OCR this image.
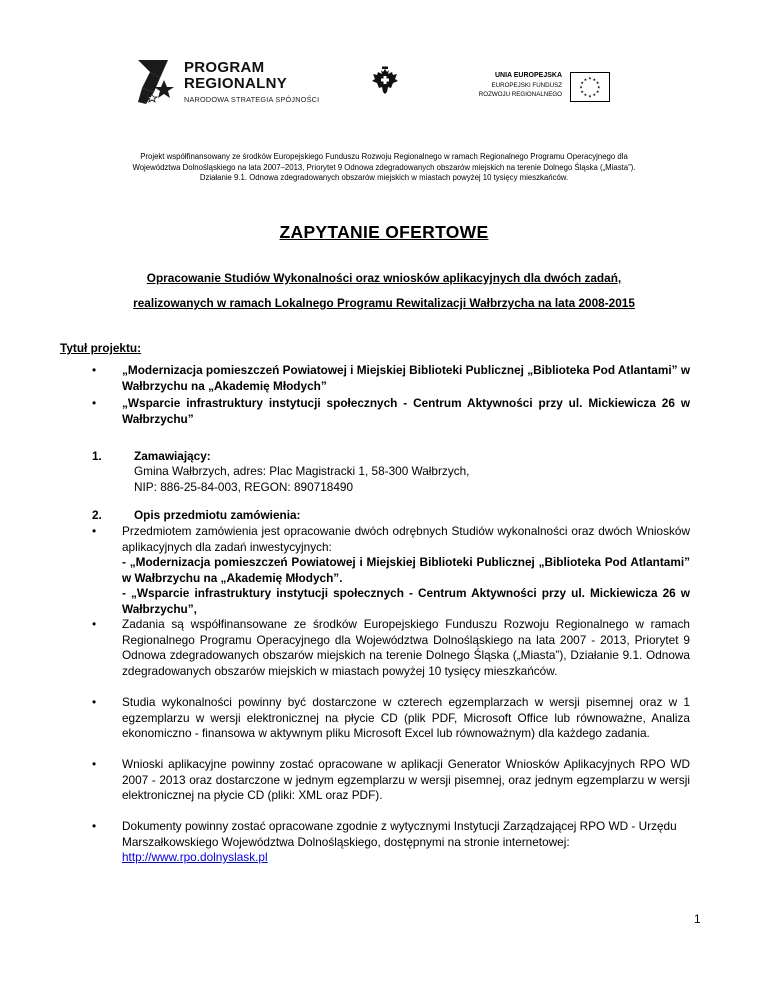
PROGRAM
REGIONALNY
NARODOWA STRATEGIA SPÓJNOŚCI
UNIA EUROPEJSKA
EUROPEJSKI FUNDUSZ
ROZWOJU REGIONALNEGO
★
★
★
★
★
★
★
★
★ ★ ★
★
Projekt współfinansowany ze środków Europejskiego Funduszu Rozwoju Regionalnego w ramach Regionalnego Programu Operacyjnego dla
Województwa Dolnośląskiego na lata 2007–2013, Priorytet 9 Odnowa zdegradowanych obszarów miejskich na terenie Dolnego Śląska („Miasta”).
Działanie 9.1. Odnowa zdegradowanych obszarów miejskich w miastach powyżej 10 tysięcy mieszkańców.
ZAPYTANIE OFERTOWE
Opracowanie Studiów Wykonalności oraz wniosków aplikacyjnych dla dwóch zadań,
realizowanych w ramach Lokalnego Programu Rewitalizacji Wałbrzycha na lata 2008-2015
Tytuł projektu:
• „Modernizacja pomieszczeń Powiatowej i Miejskiej Biblioteki Publicznej „Biblioteka Pod Atlantami” w Wałbrzychu na „Akademię Młodych”
• „Wsparcie infrastruktury instytucji społecznych - Centrum Aktywności przy ul. Mickiewicza 26 w Wałbrzychu”
1.	Zamawiający:
Gmina Wałbrzych, adres: Plac Magistracki 1, 58-300 Wałbrzych,
NIP: 886-25-84-003, REGON: 890718490
2.	Opis przedmiotu zamówienia:
• Przedmiotem zamówienia jest opracowanie dwóch odrębnych Studiów wykonalności oraz dwóch Wniosków aplikacyjnych dla zadań inwestycyjnych:
- „Modernizacja pomieszczeń Powiatowej i Miejskiej Biblioteki Publicznej „Biblioteka Pod Atlantami” w Wałbrzychu na „Akademię Młodych”.
- „Wsparcie infrastruktury instytucji społecznych - Centrum Aktywności przy ul. Mickiewicza 26 w Wałbrzychu”,
• Zadania są współfinansowane ze środków Europejskiego Funduszu Rozwoju Regionalnego w ramach Regionalnego Programu Operacyjnego dla Województwa Dolnośląskiego na lata 2007 - 2013, Priorytet 9 Odnowa zdegradowanych obszarów miejskich na terenie Dolnego Śląska („Miasta”), Działanie 9.1. Odnowa zdegradowanych obszarów miejskich w miastach powyżej 10 tysięcy mieszkańców.
• Studia wykonalności powinny być dostarczone w czterech egzemplarzach w wersji pisemnej oraz w 1 egzemplarzu w wersji elektronicznej na płycie CD (plik PDF, Microsoft Office lub równoważne, Analiza ekonomiczno - finansowa w aktywnym pliku Microsoft Excel lub równoważnym) dla każdego zadania.
• Wnioski aplikacyjne powinny zostać opracowane w aplikacji Generator Wniosków Aplikacyjnych RPO WD 2007 - 2013 oraz dostarczone w jednym egzemplarzu w wersji pisemnej, oraz jednym egzemplarzu w wersji elektronicznej na płycie CD (pliki: XML oraz PDF).
• Dokumenty powinny zostać opracowane zgodnie z wytycznymi Instytucji Zarządzającej RPO WD - Urzędu Marszałkowskiego Województwa Dolnośląskiego, dostępnymi na stronie internetowej: http://www.rpo.dolnyslask.pl
1
